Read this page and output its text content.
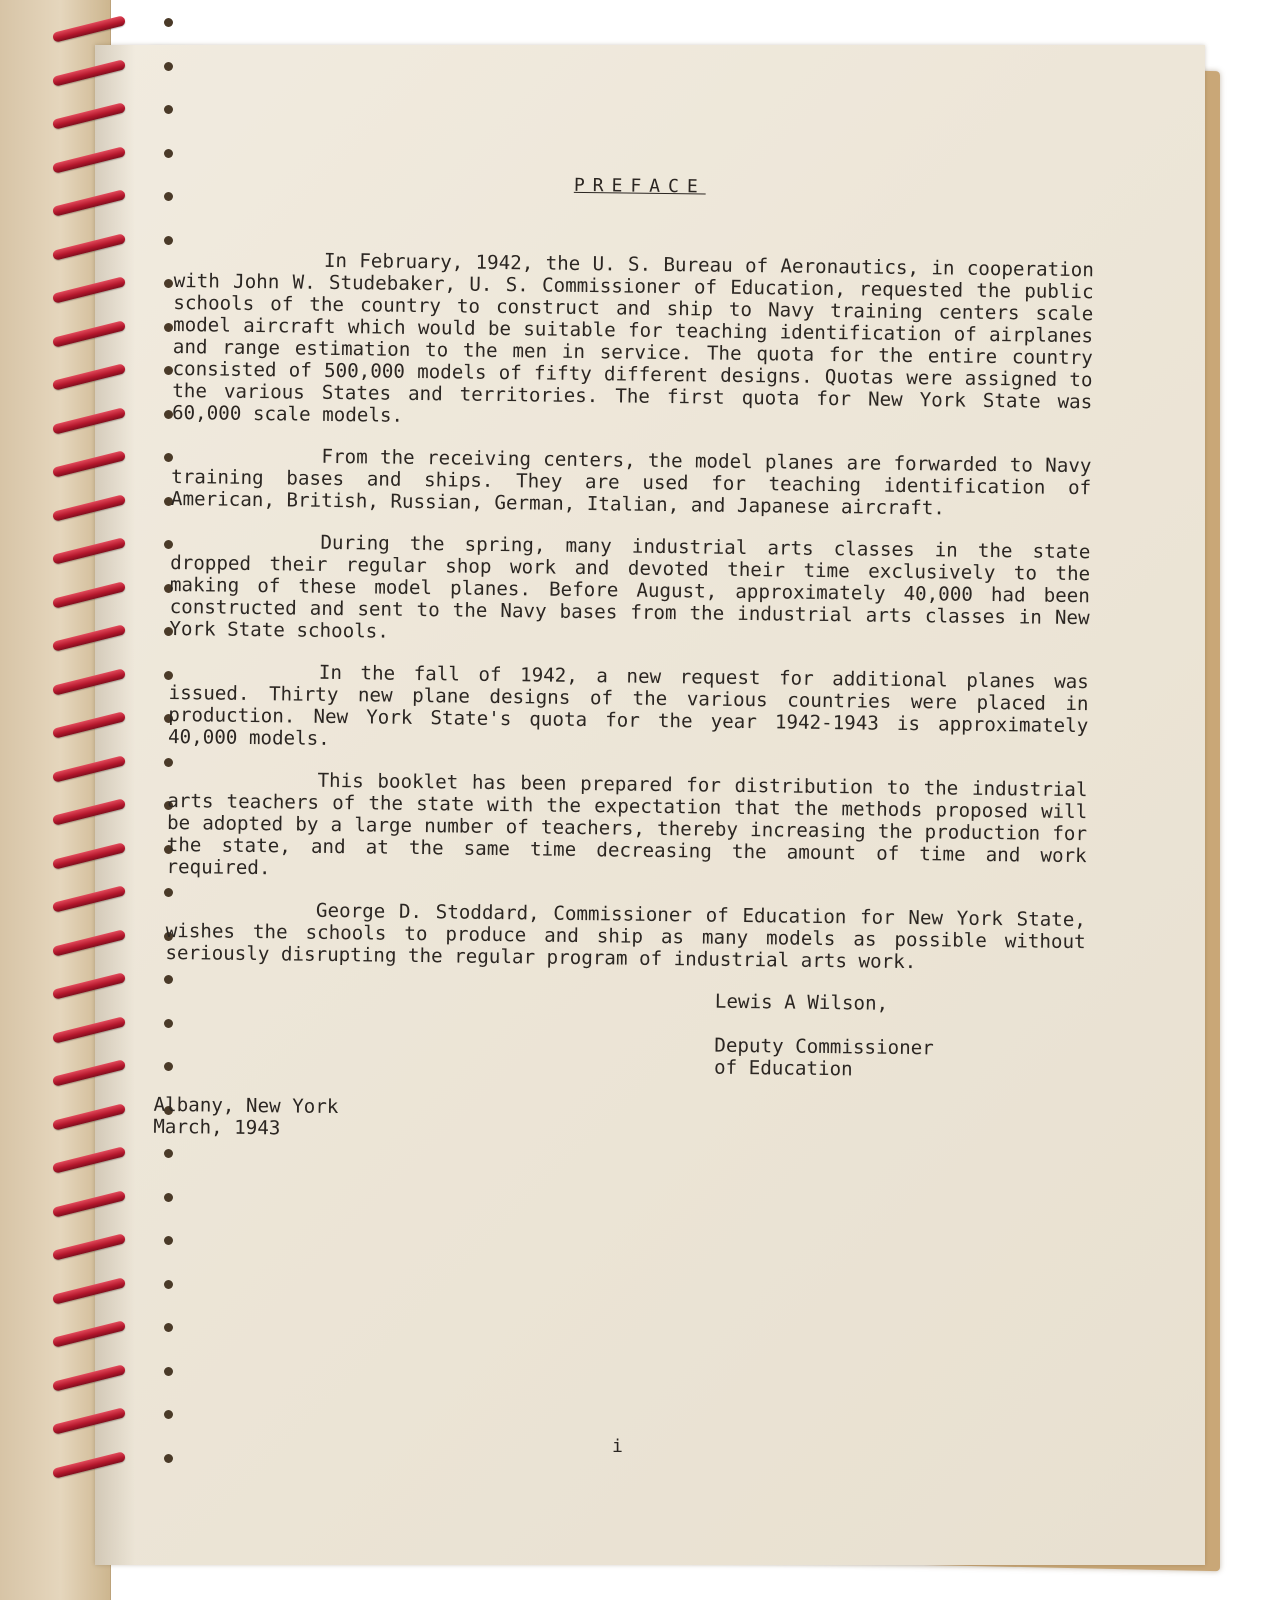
PREFACE

In February, 1942, the U. S. Bureau of Aeronautics, in cooperation with John W. Studebaker, U. S. Commissioner of Education, requested the public schools of the country to construct and ship to Navy training centers scale model aircraft which would be suitable for teaching identification of airplanes and range estimation to the men in service. The quota for the entire country consisted of 500,000 models of fifty different designs. Quotas were assigned to the various States and territories. The first quota for New York State was 60,000 scale models.

From the receiving centers, the model planes are forwarded to Navy training bases and ships. They are used for teaching identification of American, British, Russian, German, Italian, and Japanese aircraft.

During the spring, many industrial arts classes in the state dropped their regular shop work and devoted their time exclusively to the making of these model planes. Before August, approximately 40,000 had been constructed and sent to the Navy bases from the industrial arts classes in New York State schools.

In the fall of 1942, a new request for additional planes was issued. Thirty new plane designs of the various countries were placed in production. New York State's quota for the year 1942-1943 is approximately 40,000 models.

This booklet has been prepared for distribution to the industrial arts teachers of the state with the expectation that the methods proposed will be adopted by a large number of teachers, thereby increasing the production for the state, and at the same time decreasing the amount of time and work required.

George D. Stoddard, Commissioner of Education for New York State, wishes the schools to produce and ship as many models as possible without seriously disrupting the regular program of industrial arts work.

Lewis A Wilson,
Deputy Commissioner
of Education
Albany, New York
March, 1943
i
